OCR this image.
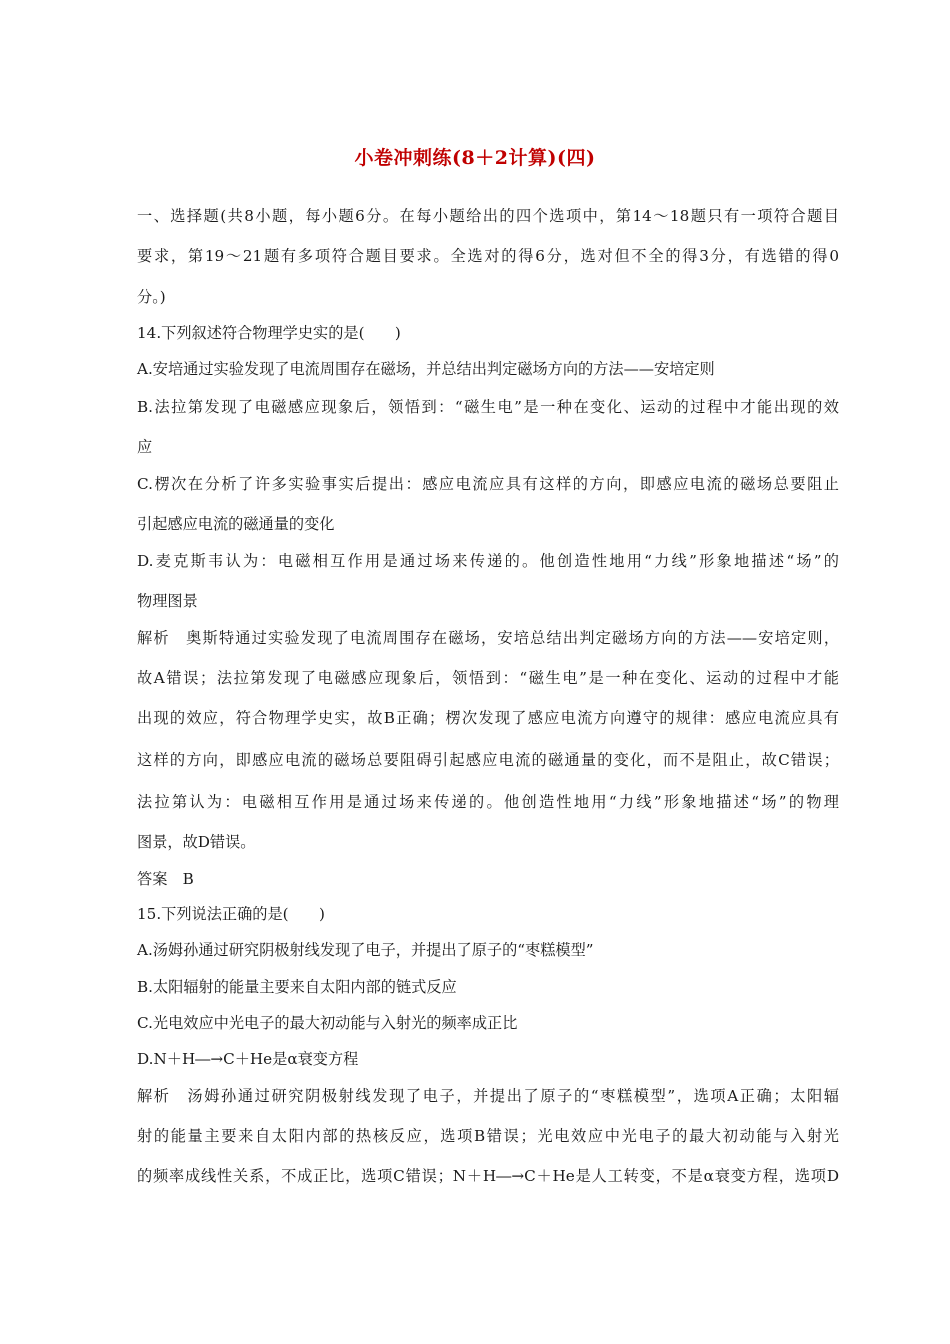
小卷冲刺练(8＋2计算)(四)
一、选择题(共8小题，每小题6分。在每小题给出的四个选项中，第14～18题只有一项符合题目
要求，第19～21题有多项符合题目要求。全选对的得6分，选对但不全的得3分，有选错的得0
分。)
14.下列叙述符合物理学史实的是(　　)
A.安培通过实验发现了电流周围存在磁场，并总结出判定磁场方向的方法——安培定则
B.法拉第发现了电磁感应现象后，领悟到：“磁生电”是一种在变化、运动的过程中才能出现的效
应
C.楞次在分析了许多实验事实后提出：感应电流应具有这样的方向，即感应电流的磁场总要阻止
引起感应电流的磁通量的变化
D.麦克斯韦认为：电磁相互作用是通过场来传递的。他创造性地用“力线”形象地描述“场”的
物理图景
解析　奥斯特通过实验发现了电流周围存在磁场，安培总结出判定磁场方向的方法——安培定则，
故A错误；法拉第发现了电磁感应现象后，领悟到：“磁生电”是一种在变化、运动的过程中才能
出现的效应，符合物理学史实，故B正确；楞次发现了感应电流方向遵守的规律：感应电流应具有
这样的方向，即感应电流的磁场总要阻碍引起感应电流的磁通量的变化，而不是阻止，故C错误；
法拉第认为：电磁相互作用是通过场来传递的。他创造性地用“力线”形象地描述“场”的物理
图景，故D错误。
答案　B
15.下列说法正确的是(　　)
A.汤姆孙通过研究阴极射线发现了电子，并提出了原子的“枣糕模型”
B.太阳辐射的能量主要来自太阳内部的链式反应
C.光电效应中光电子的最大初动能与入射光的频率成正比
D.N＋H―→C＋He是α衰变方程
解析　汤姆孙通过研究阴极射线发现了电子，并提出了原子的“枣糕模型”，选项A正确；太阳辐
射的能量主要来自太阳内部的热核反应，选项B错误；光电效应中光电子的最大初动能与入射光
的频率成线性关系，不成正比，选项C错误；N＋H―→C＋He是人工转变，不是α衰变方程，选项D
